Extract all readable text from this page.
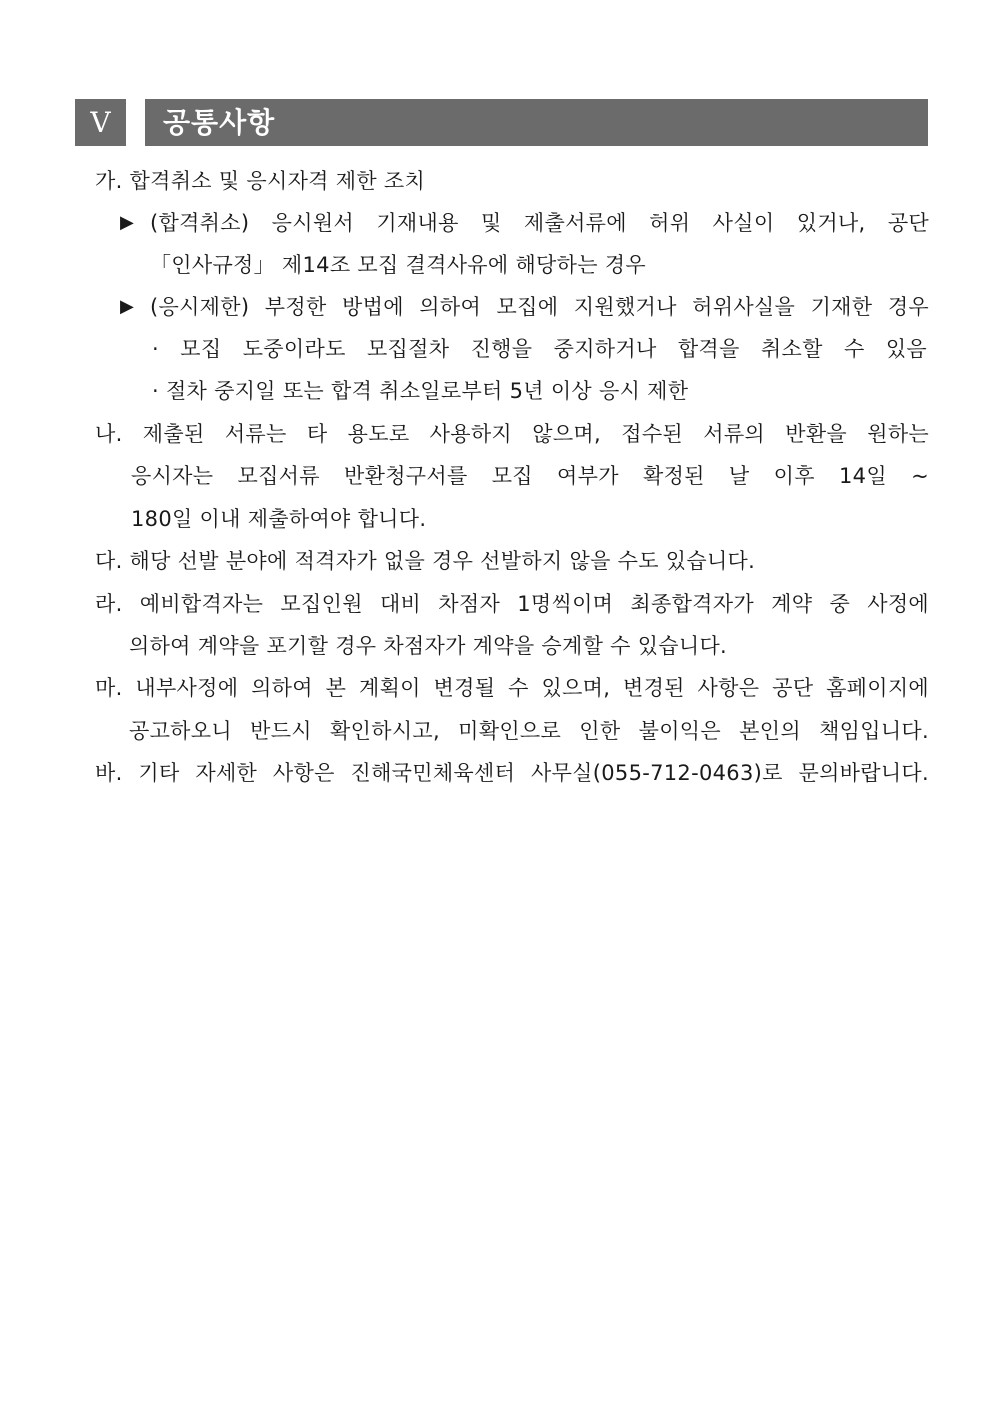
Ⅴ	공통사항
가. 합격취소 및 응시자격 제한 조치
▶ (합격취소) 응시원서 기재내용 및 제출서류에 허위 사실이 있거나, 공단
「인사규정」 제14조 모집 결격사유에 해당하는 경우
▶ (응시제한) 부정한 방법에 의하여 모집에 지원했거나 허위사실을 기재한 경우
· 모집 도중이라도 모집절차 진행을 중지하거나 합격을 취소할 수 있음
· 절차 중지일 또는 합격 취소일로부터 5년 이상 응시 제한
나. 제출된 서류는 타 용도로 사용하지 않으며, 접수된 서류의 반환을 원하는
응시자는 모집서류 반환청구서를 모집 여부가 확정된 날 이후 14일 ~
180일 이내 제출하여야 합니다.
다. 해당 선발 분야에 적격자가 없을 경우 선발하지 않을 수도 있습니다.
라. 예비합격자는 모집인원 대비 차점자 1명씩이며 최종합격자가 계약 중 사정에
의하여 계약을 포기할 경우 차점자가 계약을 승계할 수 있습니다.
마. 내부사정에 의하여 본 계획이 변경될 수 있으며, 변경된 사항은 공단 홈페이지에
공고하오니 반드시 확인하시고, 미확인으로 인한 불이익은 본인의 책임입니다.
바. 기타 자세한 사항은 진해국민체육센터 사무실(055-712-0463)로 문의바랍니다.
